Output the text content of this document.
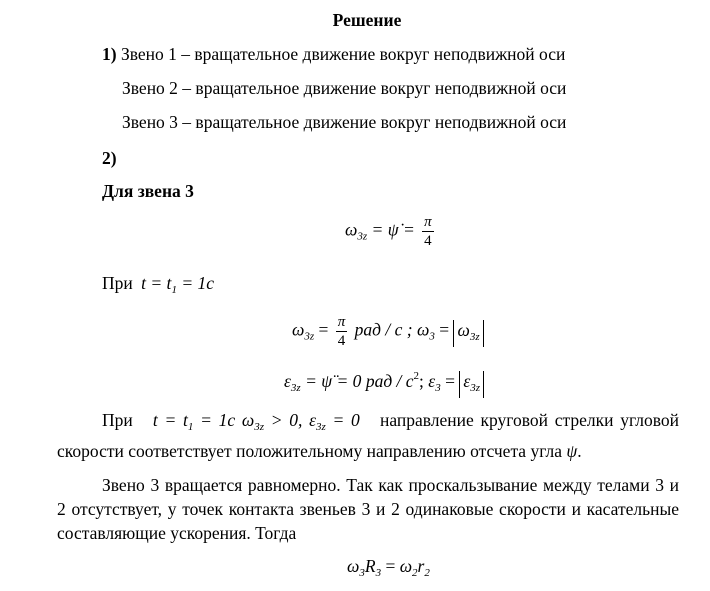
Решение
1) Звено 1 – вращательное движение вокруг неподвижной оси
Звено 2 – вращательное движение вокруг неподвижной оси
Звено 3 – вращательное движение вокруг неподвижной оси
2)
Для звена 3
$\omega_{3z}$ = ψ̇ = $\frac{\pi}{4}$
При $t = t_1 = 1c$
$\omega_{3z} = \frac{\pi}{4}$ рад / с ; $\omega_3 = \omega_{3z}$
$\varepsilon_{3z}$ = ψ̈ = 0 рад / $с^2$; $\varepsilon_3 = \varepsilon_{3z}$
При $t = t_1 = 1c$ $\omega_{3z} > 0$, $\varepsilon_{3z} = 0$ направление круговой стрелки угловой скорости соответствует положительному направлению отсчета угла ψ.
Звено 3 вращается равномерно. Так как проскальзывание между телами 3 и 2 отсутствует, у точек контакта звеньев 3 и 2 одинаковые скорости и касательные составляющие ускорения. Тогда
$\omega_3R_3 = \omega_2r_2$
